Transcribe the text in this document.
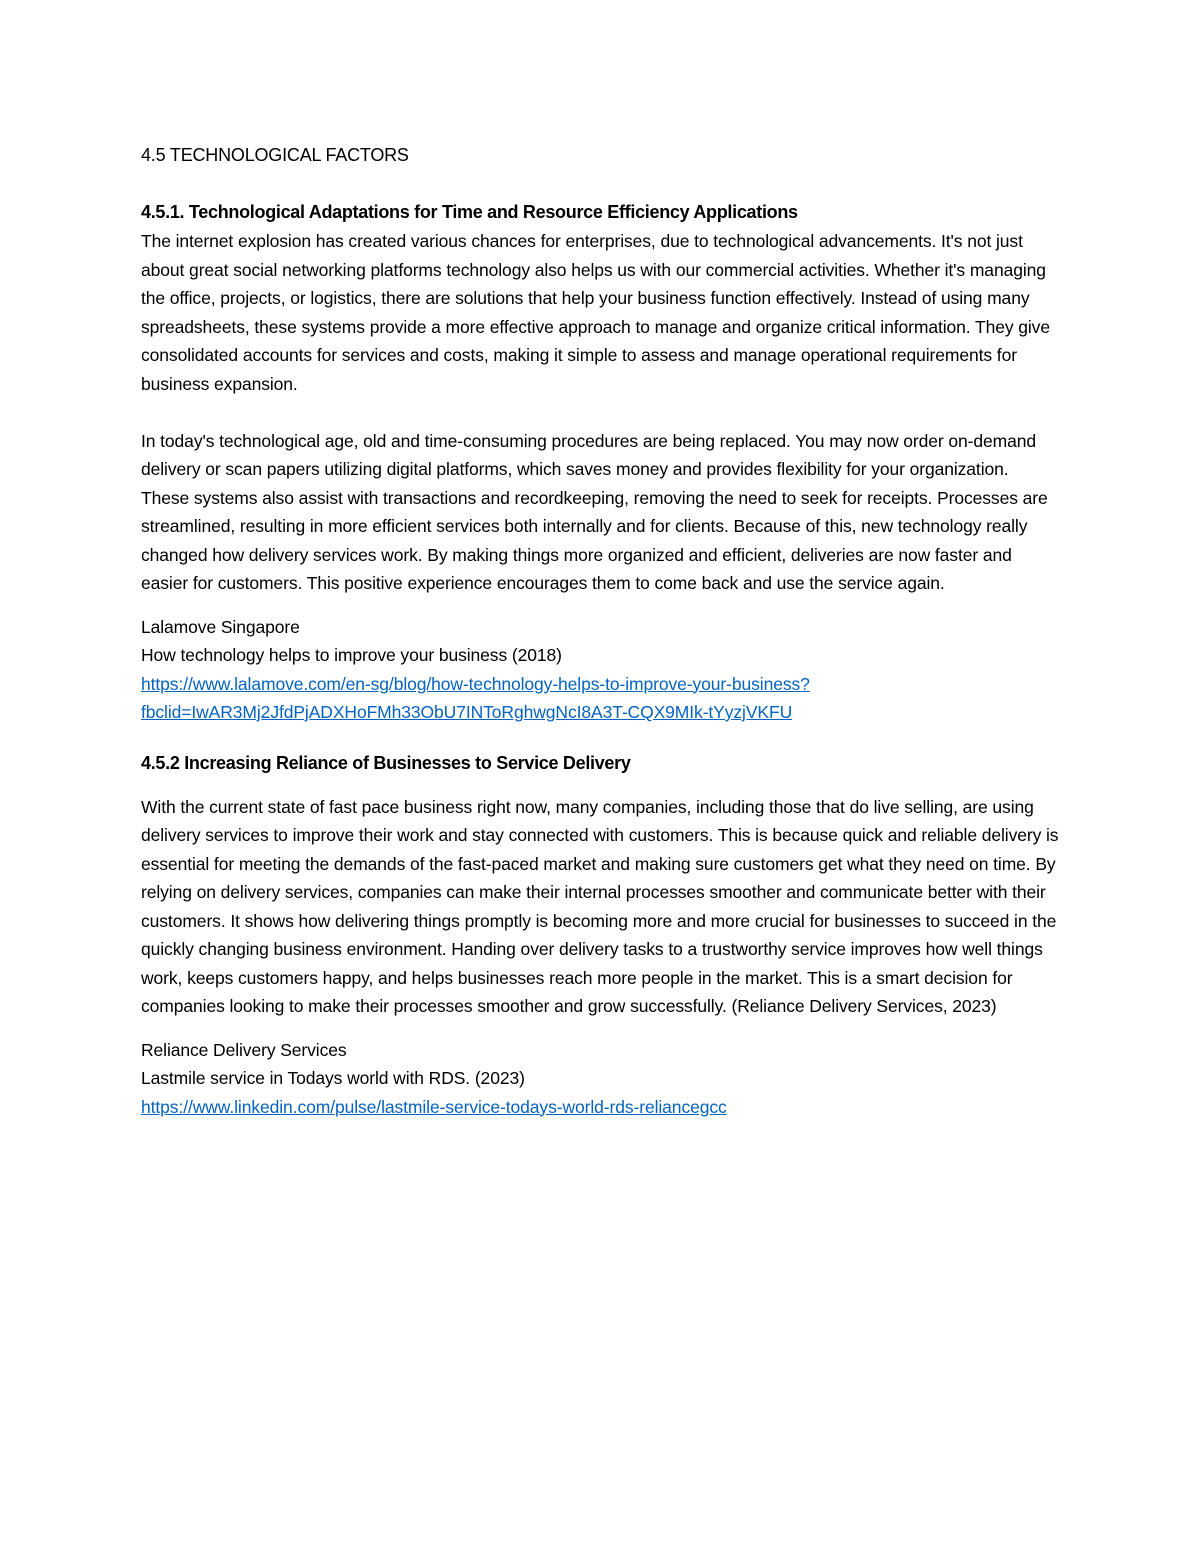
4.5 TECHNOLOGICAL FACTORS
4.5.1. Technological Adaptations for Time and Resource Efficiency Applications

The internet explosion has created various chances for enterprises, due to technological advancements. It's not just about great social networking platforms technology also helps us with our commercial activities. Whether it's managing the office, projects, or logistics, there are solutions that help your business function effectively. Instead of using many spreadsheets, these systems provide a more effective approach to manage and organize critical information. They give consolidated accounts for services and costs, making it simple to assess and manage operational requirements for business expansion.

In today's technological age, old and time-consuming procedures are being replaced. You may now order on-demand delivery or scan papers utilizing digital platforms, which saves money and provides flexibility for your organization. These systems also assist with transactions and recordkeeping, removing the need to seek for receipts. Processes are streamlined, resulting in more efficient services both internally and for clients. Because of this, new technology really changed how delivery services work. By making things more organized and efficient, deliveries are now faster and easier for customers. This positive experience encourages them to come back and use the service again.

Lalamove Singapore

How technology helps to improve your business (2018)

https://www.lalamove.com/en-sg/blog/how-technology-helps-to-improve-your-business?
fbclid=IwAR3Mj2JfdPjADXHoFMh33ObU7INToRghwgNcI8A3T-CQX9MIk-tYyzjVKFU

4.5.2 Increasing Reliance of Businesses to Service Delivery

With the current state of fast pace business right now, many companies, including those that do live selling, are using delivery services to improve their work and stay connected with customers. This is because quick and reliable delivery is essential for meeting the demands of the fast-paced market and making sure customers get what they need on time. By relying on delivery services, companies can make their internal processes smoother and communicate better with their customers. It shows how delivering things promptly is becoming more and more crucial for businesses to succeed in the quickly changing business environment. Handing over delivery tasks to a trustworthy service improves how well things work, keeps customers happy, and helps businesses reach more people in the market. This is a smart decision for companies looking to make their processes smoother and grow successfully. (Reliance Delivery Services, 2023)

Reliance Delivery Services

Lastmile service in Todays world with RDS. (2023)

https://www.linkedin.com/pulse/lastmile-service-todays-world-rds-reliancegcc
